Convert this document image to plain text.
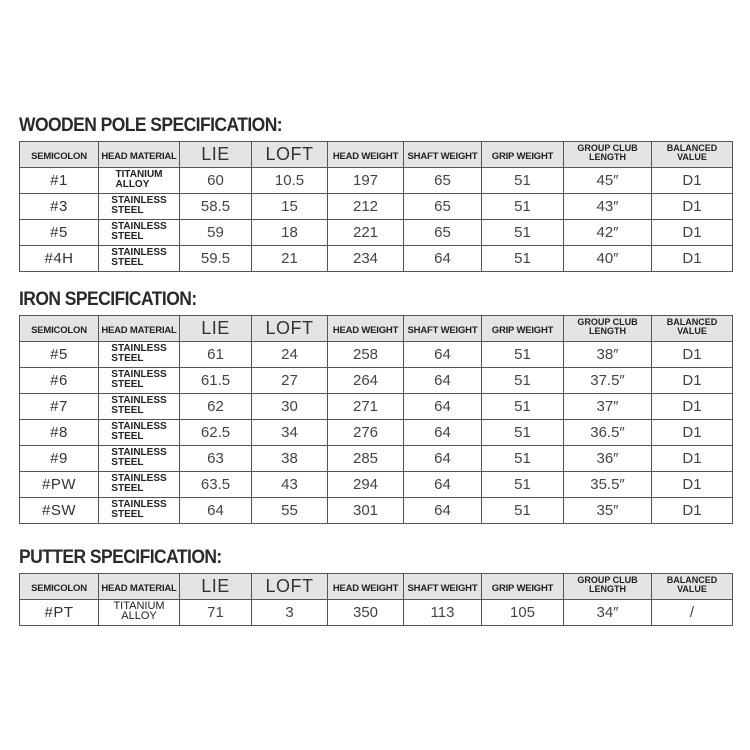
WOODEN POLE SPECIFICATION:
SEMICOLON	HEAD MATERIAL	LIE	LOFT	HEAD WEIGHT	SHAFT WEIGHT	GRIP WEIGHT	GROUP CLUB
LENGTH	BALANCED
VALUE
#1	TITANIUM
ALLOY	60	10.5	197	65	51	45″	D1
#3	STAINLESS
STEEL	58.5	15	212	65	51	43″	D1
#5	STAINLESS
STEEL	59	18	221	65	51	42″	D1
#4H	STAINLESS
STEEL	59.5	21	234	64	51	40″	D1
IRON SPECIFICATION:
SEMICOLON	HEAD MATERIAL	LIE	LOFT	HEAD WEIGHT	SHAFT WEIGHT	GRIP WEIGHT	GROUP CLUB
LENGTH	BALANCED
VALUE
#5	STAINLESS
STEEL	61	24	258	64	51	38″	D1
#6	STAINLESS
STEEL	61.5	27	264	64	51	37.5″	D1
#7	STAINLESS
STEEL	62	30	271	64	51	37″	D1
#8	STAINLESS
STEEL	62.5	34	276	64	51	36.5″	D1
#9	STAINLESS
STEEL	63	38	285	64	51	36″	D1
#PW	STAINLESS
STEEL	63.5	43	294	64	51	35.5″	D1
#SW	STAINLESS
STEEL	64	55	301	64	51	35″	D1
PUTTER SPECIFICATION:
SEMICOLON	HEAD MATERIAL	LIE	LOFT	HEAD WEIGHT	SHAFT WEIGHT	GRIP WEIGHT	GROUP CLUB
LENGTH	BALANCED
VALUE
#PT	TITANIUM
ALLOY	71	3	350	113	105	34″	/
